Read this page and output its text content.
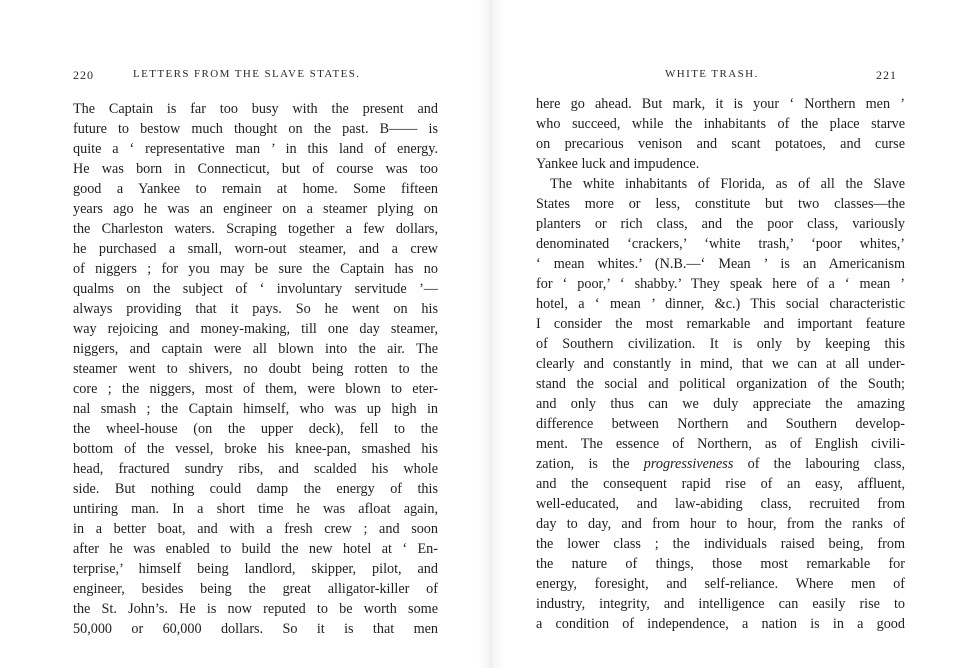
220	LETTERS FROM THE SLAVE STATES.
The Captain is far too busy with the present and
future to bestow much thought on the past. B—— is
quite a ‘ representative man ’ in this land of energy.
He was born in Connecticut, but of course was too
good a Yankee to remain at home. Some fifteen
years ago he was an engineer on a steamer plying on
the Charleston waters. Scraping together a few dollars,
he purchased a small, worn-out steamer, and a crew
of niggers ; for you may be sure the Captain has no
qualms on the subject of ‘ involuntary servitude ’—
always providing that it pays. So he went on his
way rejoicing and money-making, till one day steamer,
niggers, and captain were all blown into the air. The
steamer went to shivers, no doubt being rotten to the
core ; the niggers, most of them, were blown to eter-
nal smash ; the Captain himself, who was up high in
the wheel-house (on the upper deck), fell to the
bottom of the vessel, broke his knee-pan, smashed his
head, fractured sundry ribs, and scalded his whole
side. But nothing could damp the energy of this
untiring man. In a short time he was afloat again,
in a better boat, and with a fresh crew ; and soon
after he was enabled to build the new hotel at ‘ En-
terprise,’ himself being landlord, skipper, pilot, and
engineer, besides being the great alligator-killer of
the St. John’s. He is now reputed to be worth some
50,000 or 60,000 dollars. So it is that men
WHITE TRASH.	221
here go ahead. But mark, it is your ‘ Northern men ’
who succeed, while the inhabitants of the place starve
on precarious venison and scant potatoes, and curse
Yankee luck and impudence.
The white inhabitants of Florida, as of all the Slave
States more or less, constitute but two classes—the
planters or rich class, and the poor class, variously
denominated ‘crackers,’ ‘white trash,’ ‘poor whites,’
‘ mean whites.’ (N.B.—‘ Mean ’ is an Americanism
for ‘ poor,’ ‘ shabby.’ They speak here of a ‘ mean ’
hotel, a ‘ mean ’ dinner, &c.) This social characteristic
I consider the most remarkable and important feature
of Southern civilization. It is only by keeping this
clearly and constantly in mind, that we can at all under-
stand the social and political organization of the South;
and only thus can we duly appreciate the amazing
difference between Northern and Southern develop-
ment. The essence of Northern, as of English civili-
zation, is the progressiveness of the labouring class,
and the consequent rapid rise of an easy, affluent,
well-educated, and law-abiding class, recruited from
day to day, and from hour to hour, from the ranks of
the lower class ; the individuals raised being, from
the nature of things, those most remarkable for
energy, foresight, and self-reliance. Where men of
industry, integrity, and intelligence can easily rise to
a condition of independence, a nation is in a good
